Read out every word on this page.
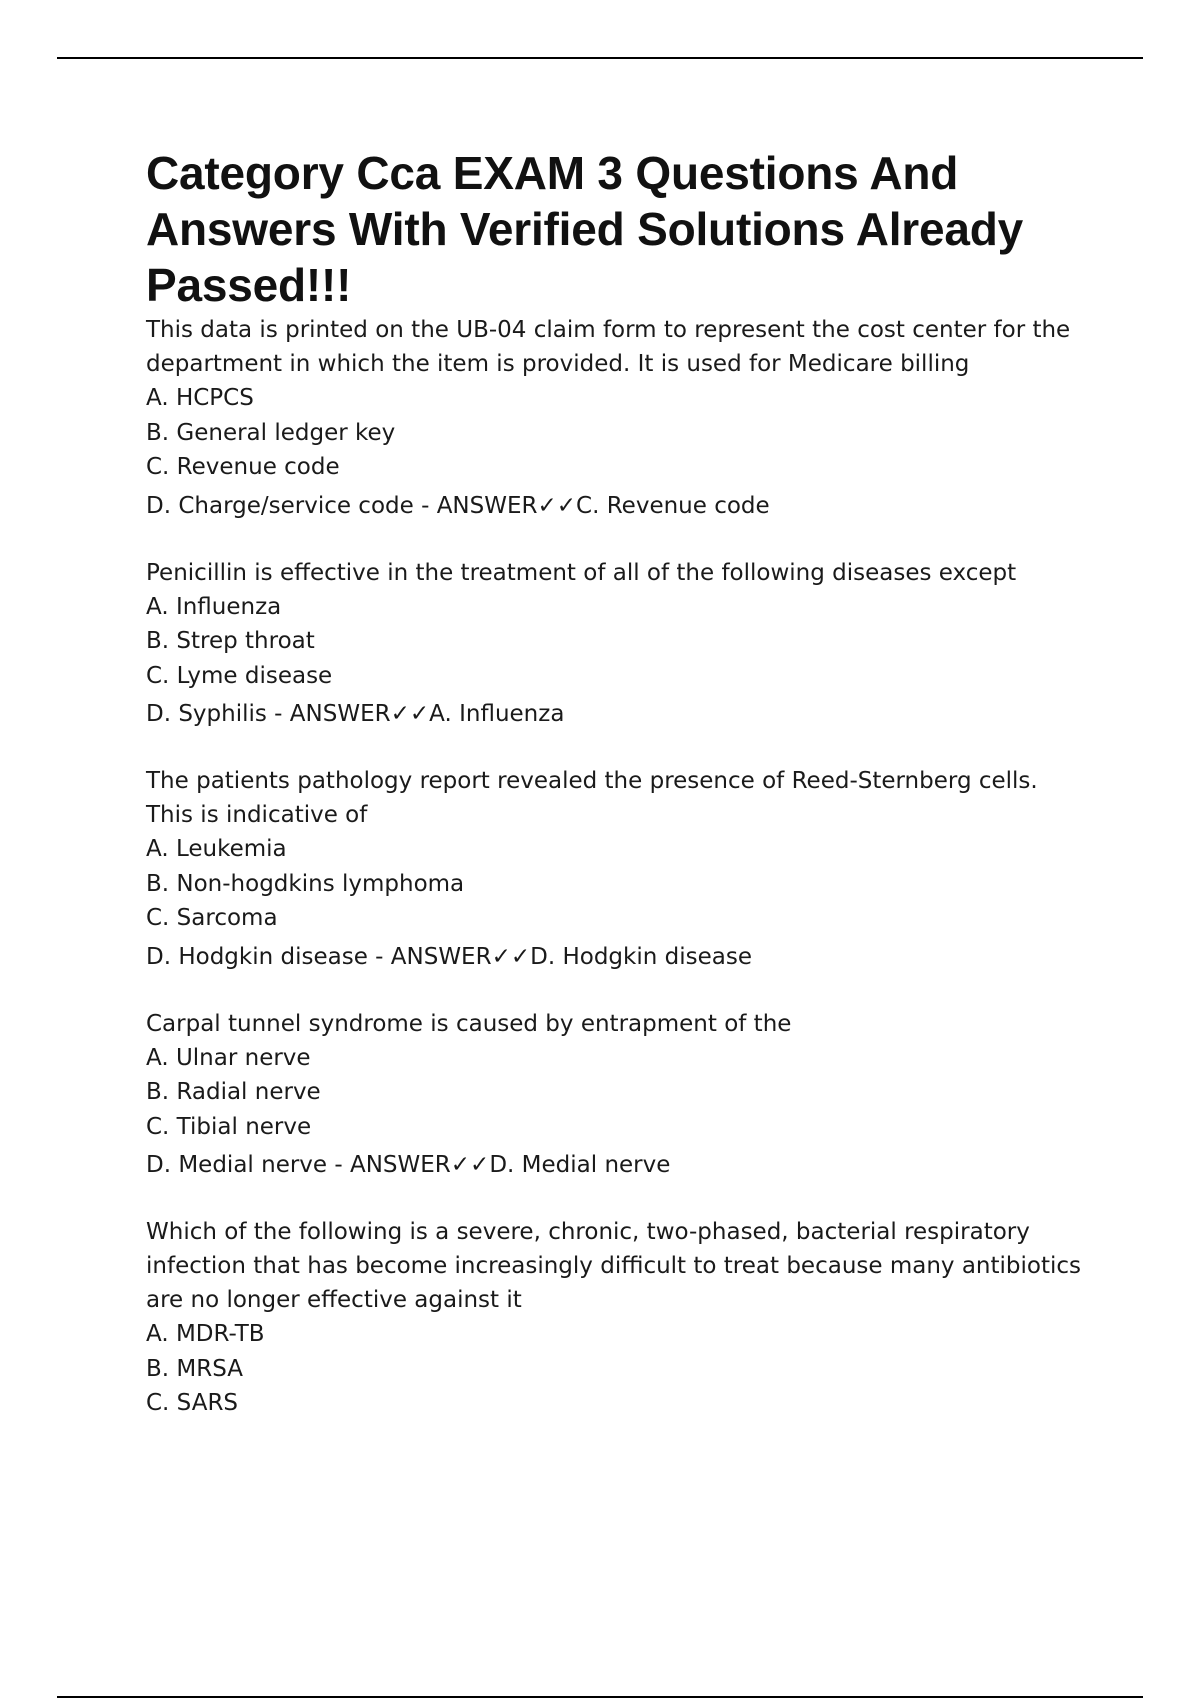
Category Cca EXAM 3 Questions And Answers With Verified Solutions Already Passed!!!

This data is printed on the UB-04 claim form to represent the cost center for the department in which the item is provided. It is used for Medicare billing

A. HCPCS

B. General ledger key

C. Revenue code

D. Charge/service code - ANSWER✓✓C. Revenue code

Penicillin is effective in the treatment of all of the following diseases except

A. Influenza

B. Strep throat

C. Lyme disease

D. Syphilis - ANSWER✓✓A. Influenza

The patients pathology report revealed the presence of Reed-Sternberg cells. This is indicative of

A. Leukemia

B. Non-hogdkins lymphoma

C. Sarcoma

D. Hodgkin disease - ANSWER✓✓D. Hodgkin disease

Carpal tunnel syndrome is caused by entrapment of the

A. Ulnar nerve

B. Radial nerve

C. Tibial nerve

D. Medial nerve - ANSWER✓✓D. Medial nerve

Which of the following is a severe, chronic, two-phased, bacterial respiratory infection that has become increasingly difficult to treat because many antibiotics are no longer effective against it

A. MDR-TB

B. MRSA

C. SARS
